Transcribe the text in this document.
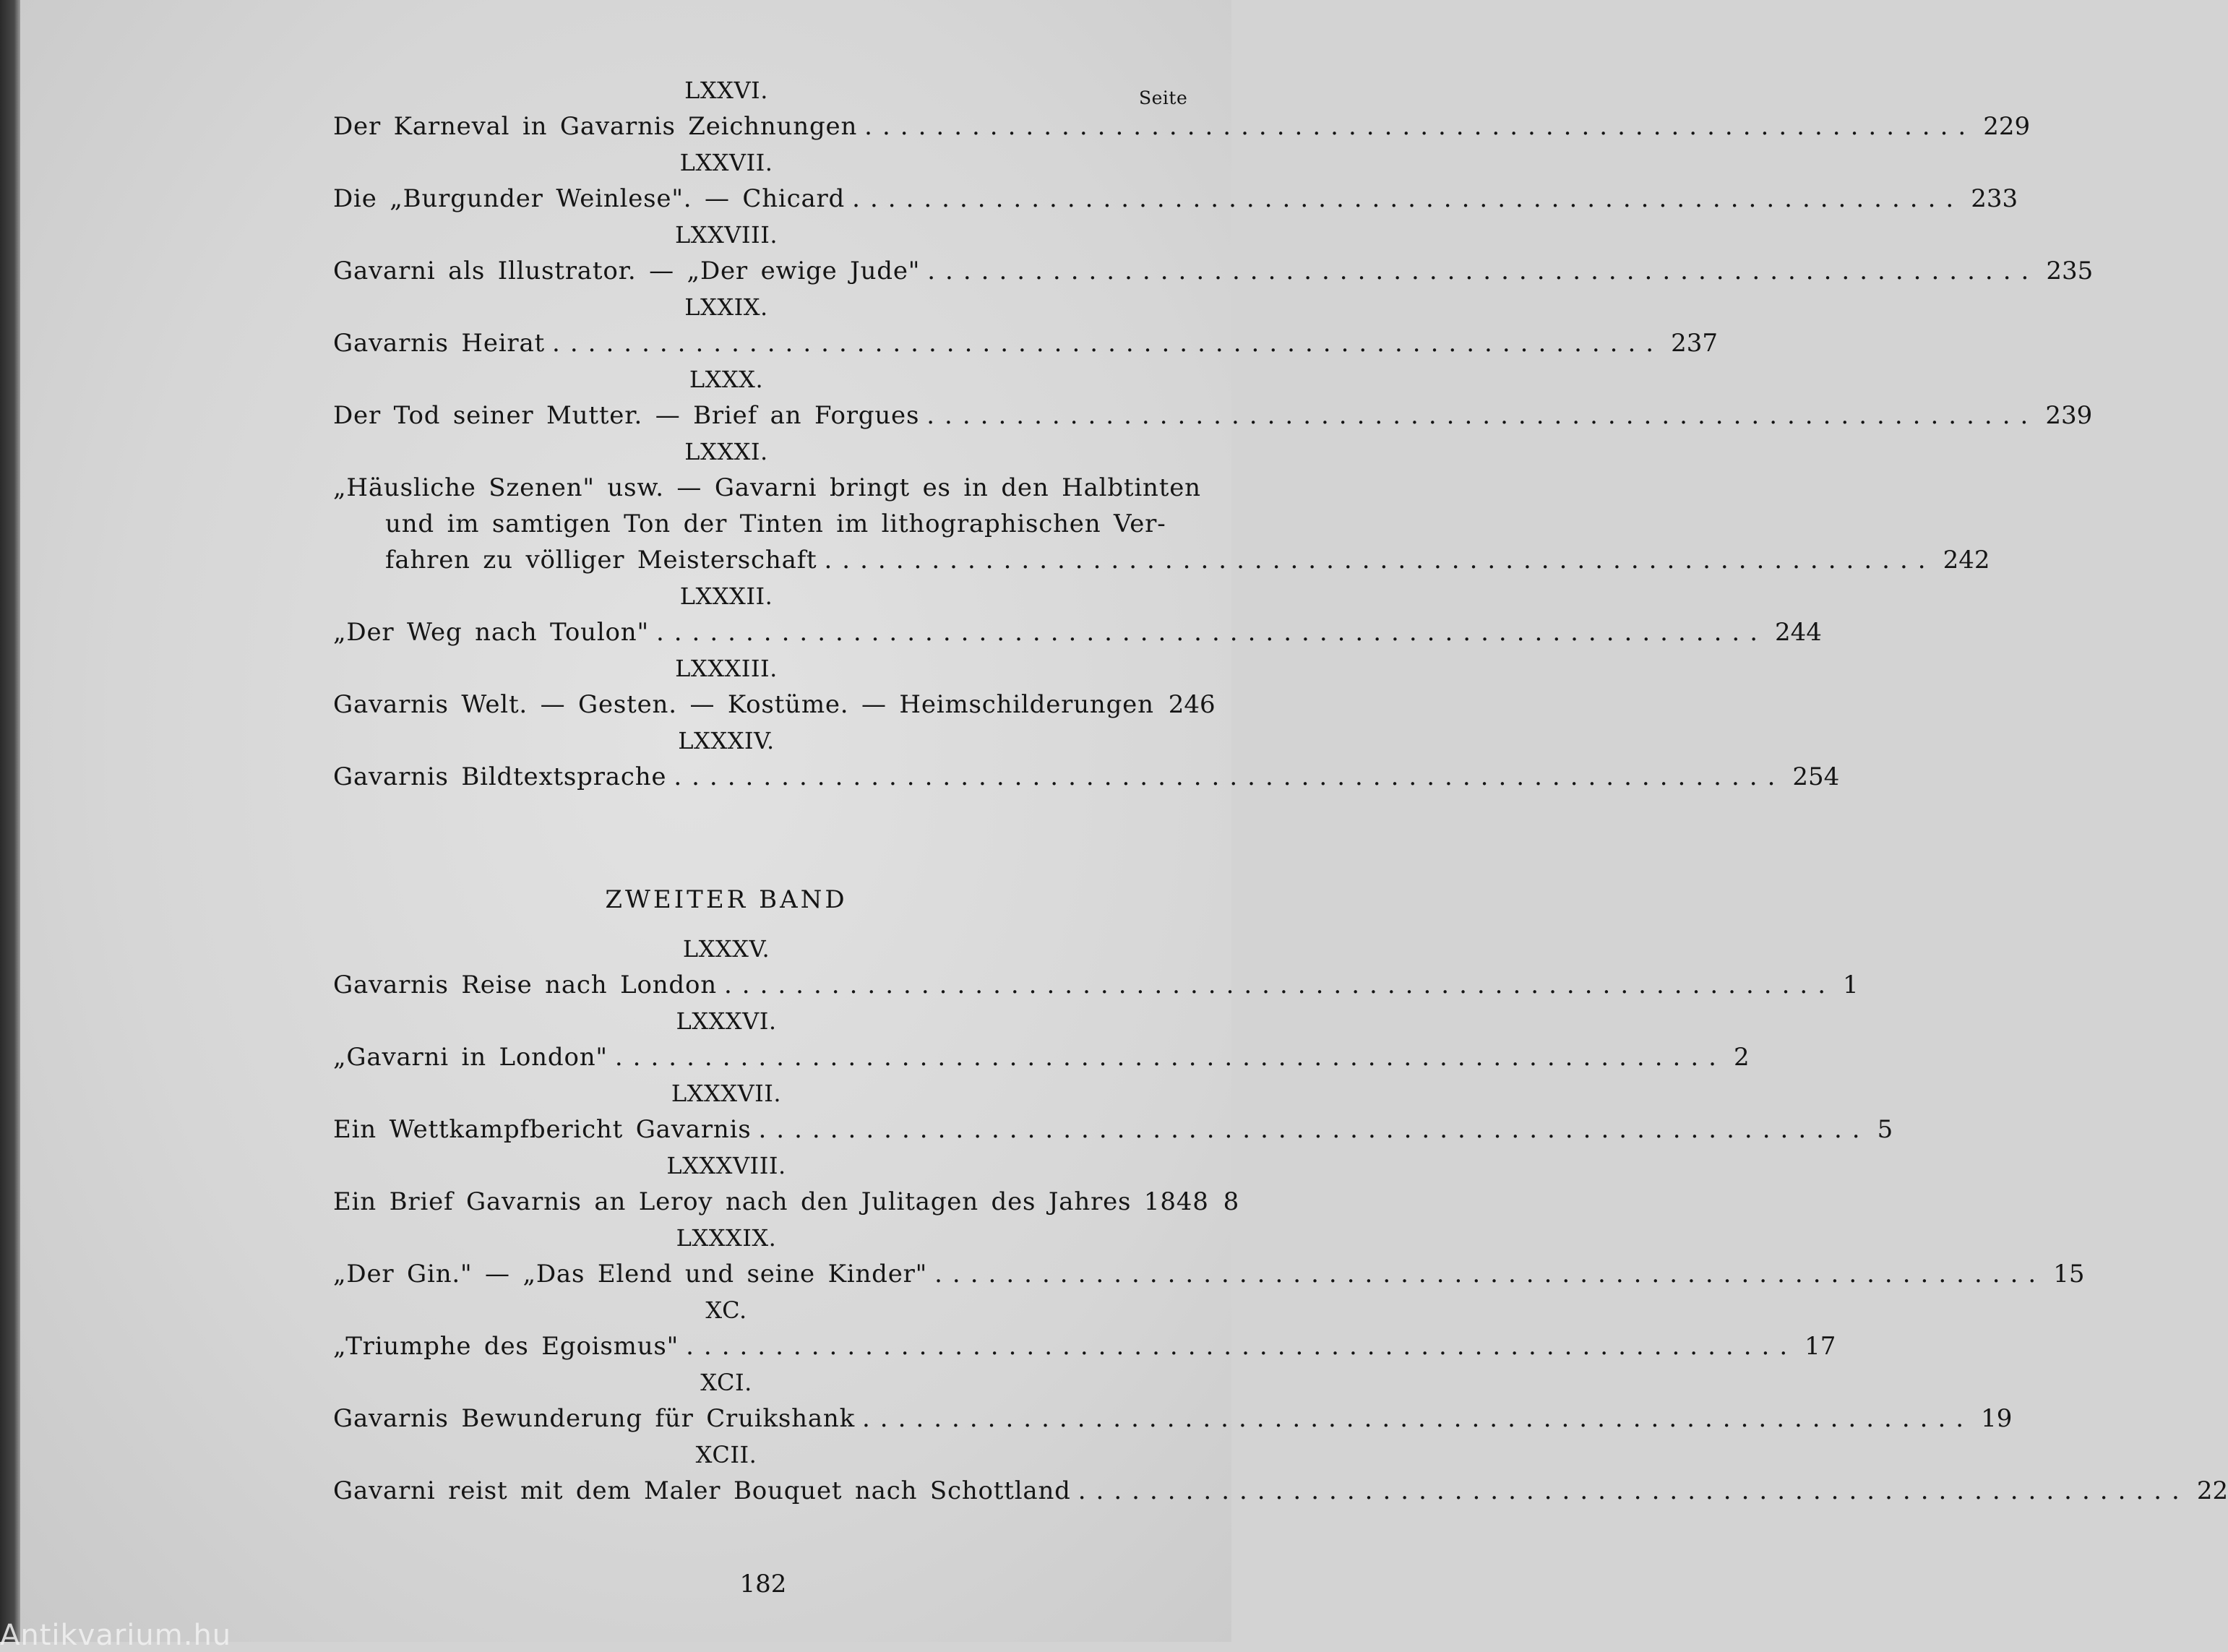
Seite
LXXVI.
Der Karneval in Gavarnis Zeichnungen .............................................................. 229
LXXVII.
Die „Burgunder Weinlese". — Chicard .............................................................. 233
LXXVIII.
Gavarni als Illustrator. — „Der ewige Jude" .............................................................. 235
LXXIX.
Gavarnis Heirat .............................................................. 237
LXXX.
Der Tod seiner Mutter. — Brief an Forgues .............................................................. 239
LXXXI.
„Häusliche Szenen" usw. — Gavarni bringt es in den Halbtinten
und im samtigen Ton der Tinten im lithographischen Ver-
fahren zu völliger Meisterschaft .............................................................. 242
LXXXII.
„Der Weg nach Toulon" .............................................................. 244
LXXXIII.
Gavarnis Welt. — Gesten. — Kostüme. — Heimschilderungen 246
LXXXIV.
Gavarnis Bildtextsprache .............................................................. 254
ZWEITER BAND
LXXXV.
Gavarnis Reise nach London .............................................................. 1
LXXXVI.
„Gavarni in London" .............................................................. 2
LXXXVII.
Ein Wettkampfbericht Gavarnis .............................................................. 5
LXXXVIII.
Ein Brief Gavarnis an Leroy nach den Julitagen des Jahres 1848 8
LXXXIX.
„Der Gin." — „Das Elend und seine Kinder" .............................................................. 15
XC.
„Triumphe des Egoismus" .............................................................. 17
XCI.
Gavarnis Bewunderung für Cruikshank .............................................................. 19
XCII.
Gavarni reist mit dem Maler Bouquet nach Schottland .............................................................. 22
182
Antikvarium.hu
